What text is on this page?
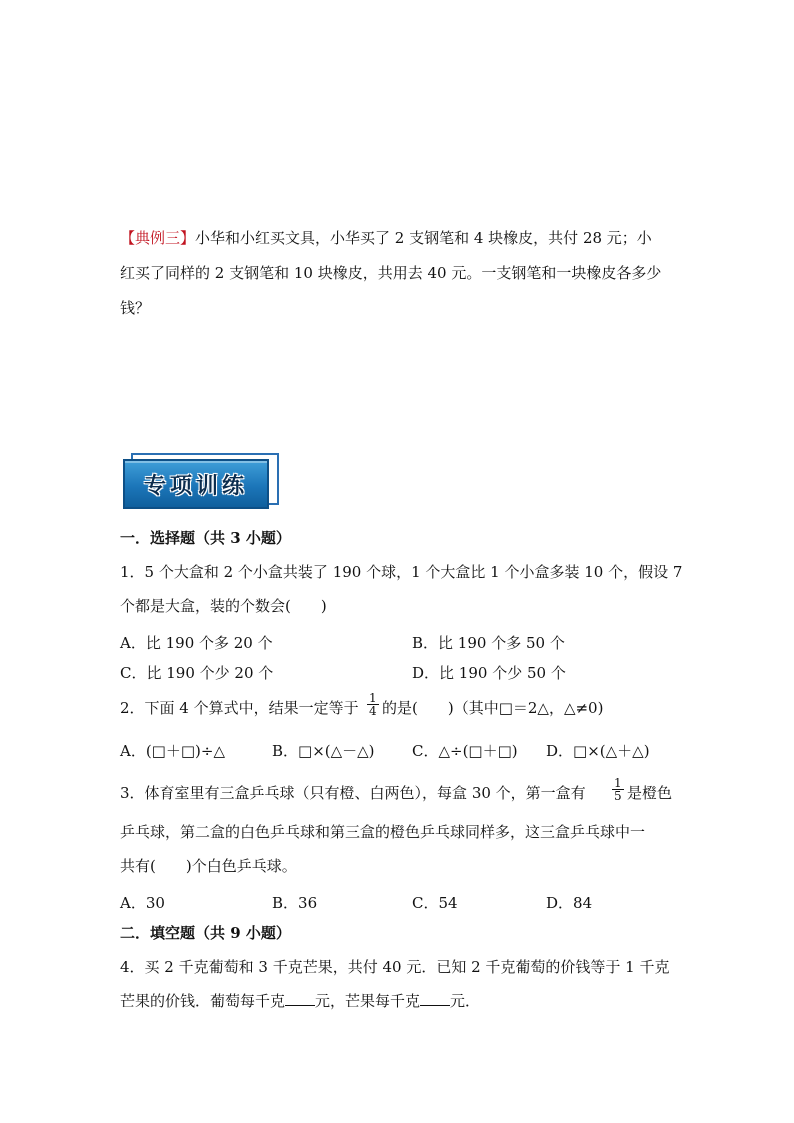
【典例三】小华和小红买文具，小华买了 2 支钢笔和 4 块橡皮，共付 28 元；小
红买了同样的 2 支钢笔和 10 块橡皮，共用去 40 元。一支钢笔和一块橡皮各多少
钱？
专项训练
一．选择题（共 3 小题）
1．5 个大盒和 2 个小盒共装了 190 个球，1 个大盒比 1 个小盒多装 10 个，假设 7
个都是大盒，装的个数会(　　)
A．比 190 个多 20 个	B．比 190 个多 50 个
C．比 190 个少 20 个	D．比 190 个少 50 个
2．下面 4 个算式中，结果一定等于 $\frac{1}{4}$ 的是(　　)（其中□＝2△，△≠0)
A．(□＋□)÷△	B．□×(△－△) C．△÷(□＋□) D．□×(△＋△)
3．体育室里有三盒乒乓球（只有橙、白两色），每盒 30 个，第一盒有 $\frac{1}{5}$ 是橙色
乒乓球，第二盒的白色乒乓球和第三盒的橙色乒乓球同样多，这三盒乒乓球中一
共有(　　)个白色乒乓球。
A．30	B．36	C．54	D．84
二．填空题（共 9 小题）
4．买 2 千克葡萄和 3 千克芒果，共付 40 元．已知 2 千克葡萄的价钱等于 1 千克
芒果的价钱．葡萄每千克 元，芒果每千克 元．
